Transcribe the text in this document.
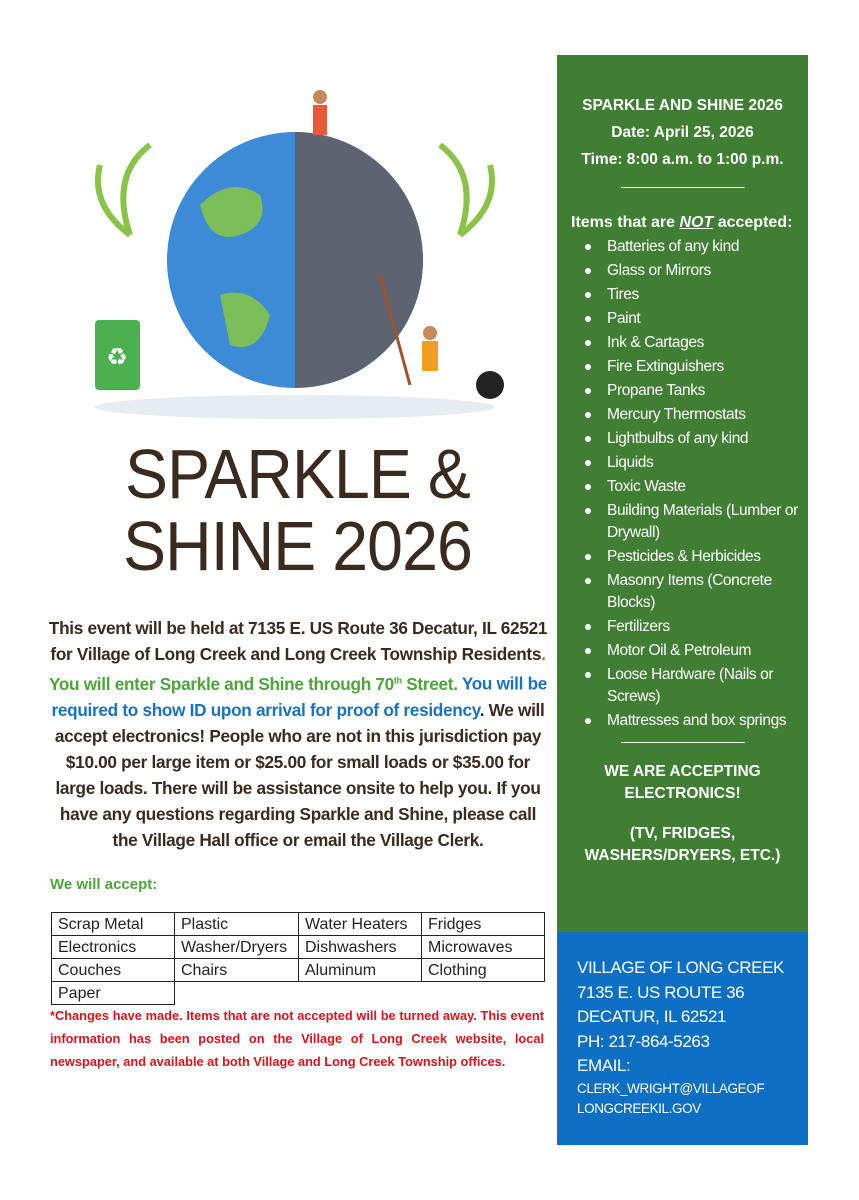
♻
SPARKLE &
SHINE 2026
This event will be held at 7135 E. US Route 36 Decatur, IL 62521 for Village of Long Creek and Long Creek Township Residents. You will enter Sparkle and Shine through 70th Street. You will be required to show ID upon arrival for proof of residency. We will accept electronics! People who are not in this jurisdiction pay $10.00 per large item or $25.00 for small loads or $35.00 for large loads. There will be assistance onsite to help you. If you have any questions regarding Sparkle and Shine, please call the Village Hall office or email the Village Clerk.
We will accept:
Scrap Metal	Plastic	Water Heaters	Fridges
Electronics	Washer/Dryers	Dishwashers	Microwaves
Couches	Chairs	Aluminum	Clothing
Paper			
*Changes have made. Items that are not accepted will be turned away. This event information has been posted on the Village of Long Creek website, local newspaper, and available at both Village and Long Creek Township offices.
SPARKLE AND SHINE 2026
Date: April 25, 2026
Time: 8:00 a.m. to 1:00 p.m.
Items that are NOT accepted:
Batteries of any kind
Glass or Mirrors
Tires
Paint
Ink & Cartages
Fire Extinguishers
Propane Tanks
Mercury Thermostats
Lightbulbs of any kind
Liquids
Toxic Waste
Building Materials (Lumber or Drywall)
Pesticides & Herbicides
Masonry Items (Concrete Blocks)
Fertilizers
Motor Oil & Petroleum
Loose Hardware (Nails or Screws)
Mattresses and box springs
WE ARE ACCEPTING ELECTRONICS!
(TV, FRIDGES, WASHERS/DRYERS, ETC.)
VILLAGE OF LONG CREEK
7135 E. US ROUTE 36
DECATUR, IL 62521
PH: 217-864-5263
EMAIL:
CLERK_WRIGHT@VILLAGEOF
LONGCREEKIL.GOV
